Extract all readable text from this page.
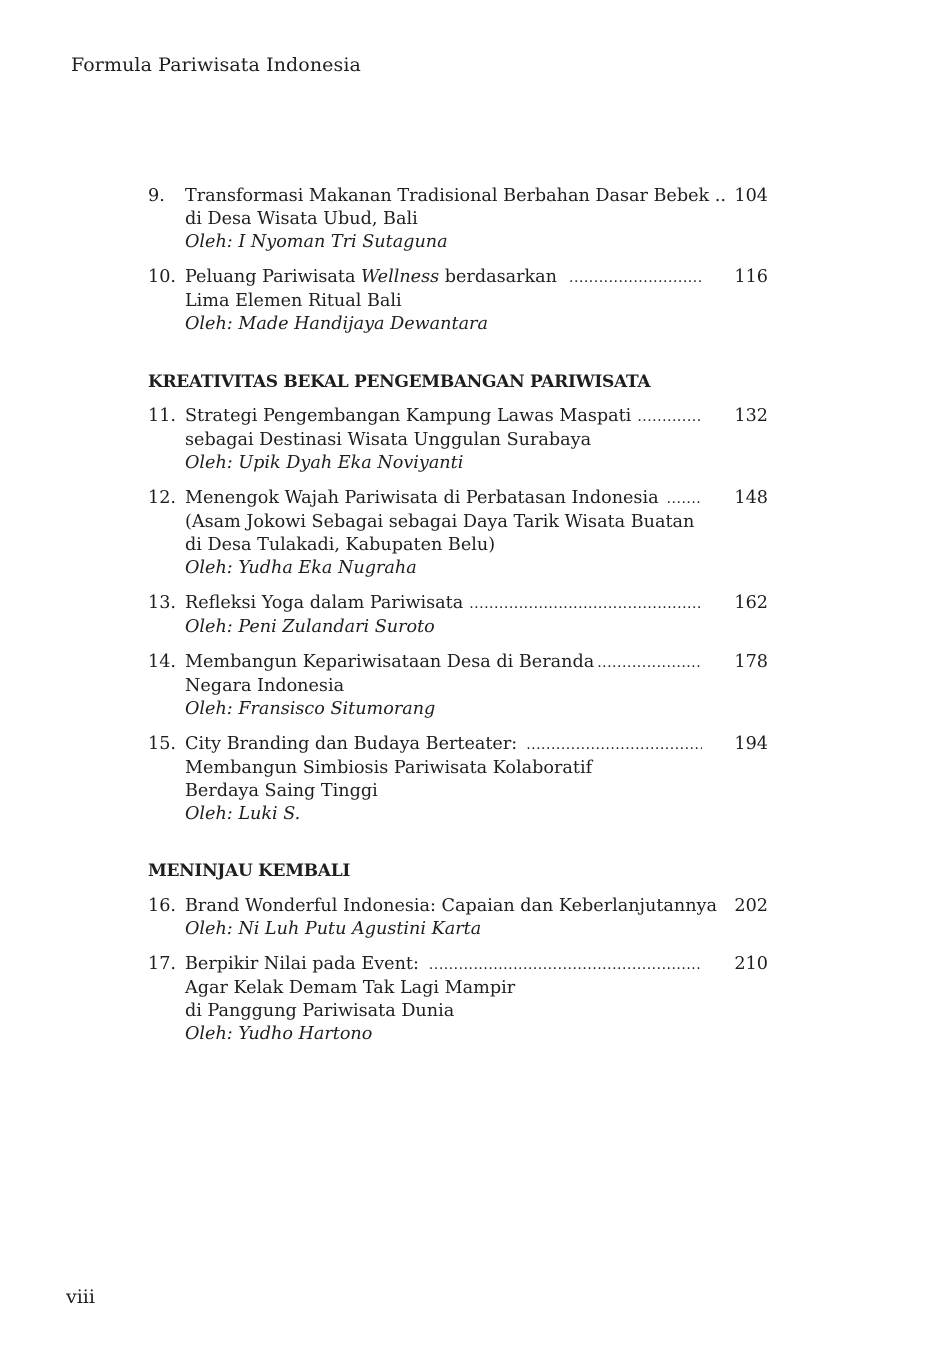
Formula Pariwisata Indonesia
9. Transformasi Makanan Tradisional Berbahan Dasar Bebek ..
di Desa Wisata Ubud, Bali
Oleh: I Nyoman Tri Sutaguna
104
10. Peluang Pariwisata Wellness berdasarkan
.....
Lima Elemen Ritual Bali
Oleh: Made Handijaya Dewantara
116
KREATIVITAS BEKAL PENGEMBANGAN PARIWISATA
11. Strategi Pengembangan Kampung Lawas Maspati
.....
sebagai Destinasi Wisata Unggulan Surabaya
Oleh: Upik Dyah Eka Noviyanti
132
12. Menengok Wajah Pariwisata di Perbatasan Indonesia
.....
(Asam Jokowi Sebagai sebagai Daya Tarik Wisata Buatan
di Desa Tulakadi, Kabupaten Belu)
Oleh: Yudha Eka Nugraha
148
13. Refleksi Yoga dalam Pariwisata
.....
Oleh: Peni Zulandari Suroto
162
14. Membangun Kepariwisataan Desa di Beranda
.....
Negara Indonesia
Oleh: Fransisco Situmorang
178
15. City Branding dan Budaya Berteater:
.....
Membangun Simbiosis Pariwisata Kolaboratif
Berdaya Saing Tinggi
Oleh: Luki S.
194
MENINJAU KEMBALI
16. Brand Wonderful Indonesia: Capaian dan Keberlanjutannya
Oleh: Ni Luh Putu Agustini Karta
202
17. Berpikir Nilai pada Event:
.....
Agar Kelak Demam Tak Lagi Mampir
di Panggung Pariwisata Dunia
Oleh: Yudho Hartono
210
viii
